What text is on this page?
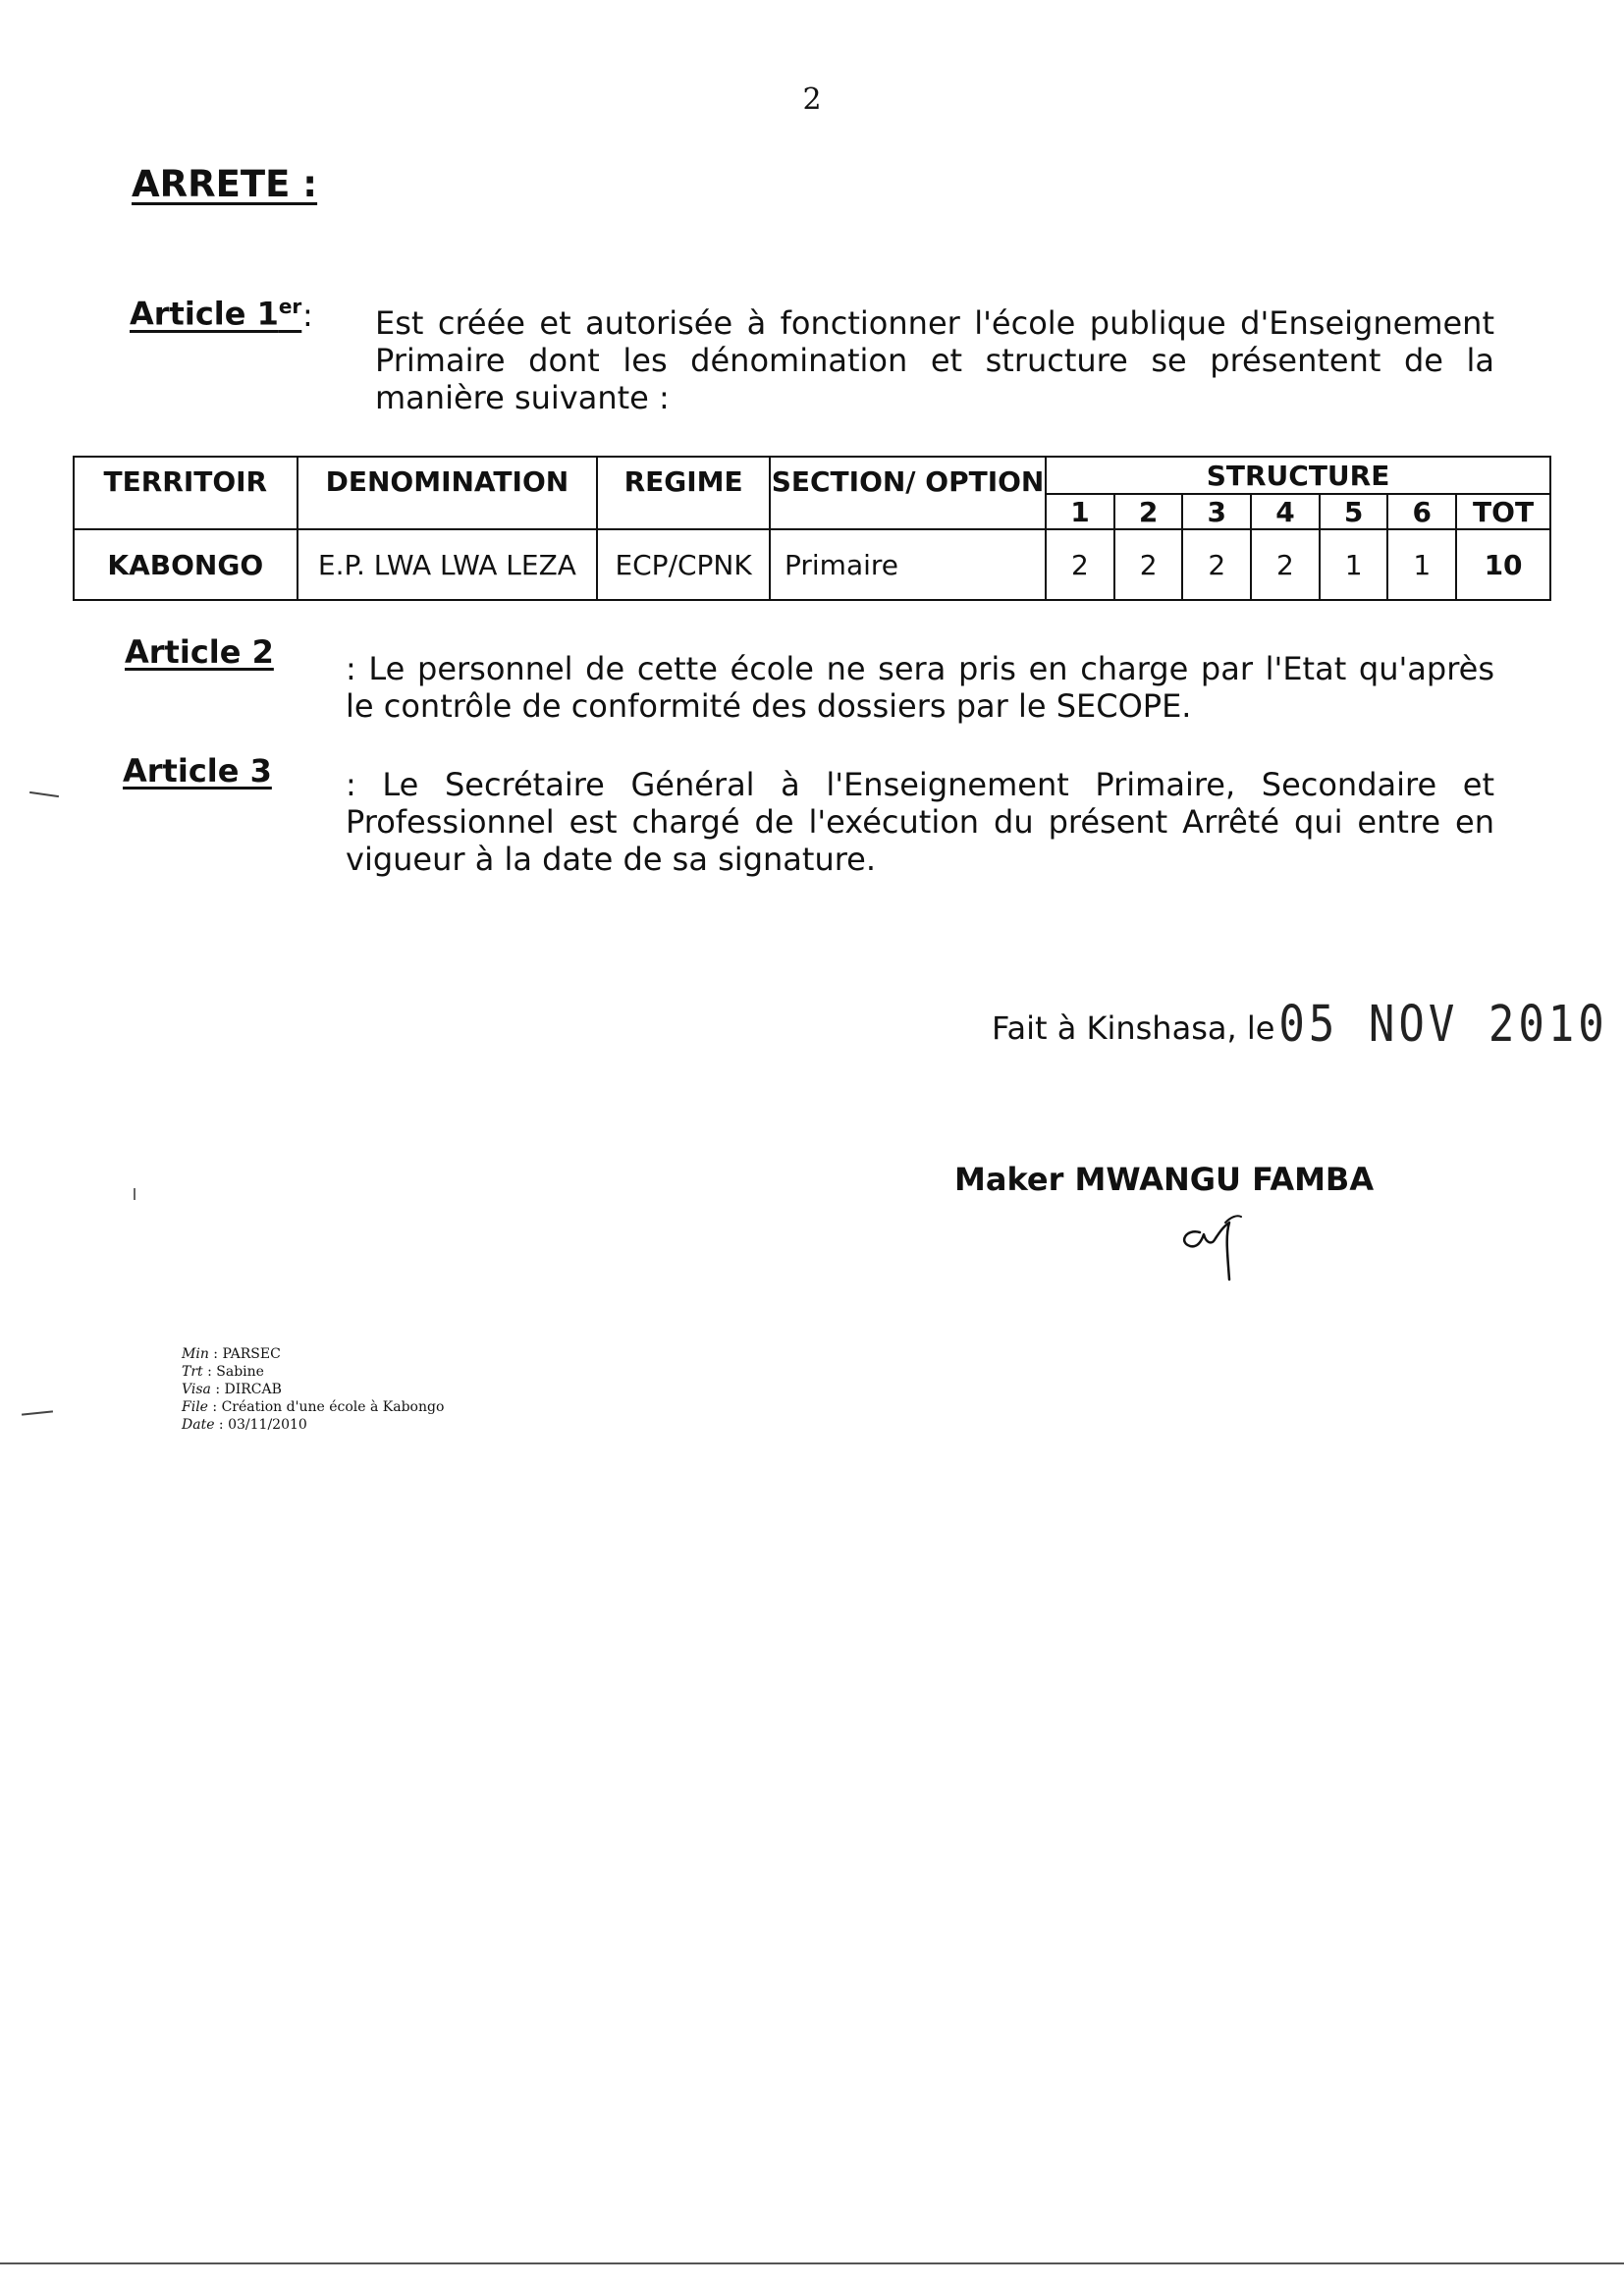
2
ARRETE :
Article 1er : Est créée et autorisée à fonctionner l'école publique d'Enseignement Primaire dont les dénomination et structure se présentent de la manière suivante :
TERRITOIR	DENOMINATION	REGIME	SECTION/ OPTION	STRUCTURE						
				1	2	3	4	5	6	TOT
KABONGO	E.P. LWA LWA LEZA	ECP/CPNK	Primaire	2	2	2	2	1	1	10
Article 2 : Le personnel de cette école ne sera pris en charge par l'Etat qu'après le contrôle de conformité des dossiers par le SECOPE.
Article 3 : Le Secrétaire Général à l'Enseignement Primaire, Secondaire et Professionnel est chargé de l'exécution du présent Arrêté qui entre en vigueur à la date de sa signature.
Fait à Kinshasa, le05 NOV 2010
Maker MWANGU FAMBA
Min : PARSEC
Trt : Sabine
Visa : DIRCAB
File : Création d'une école à Kabongo
Date : 03/11/2010
